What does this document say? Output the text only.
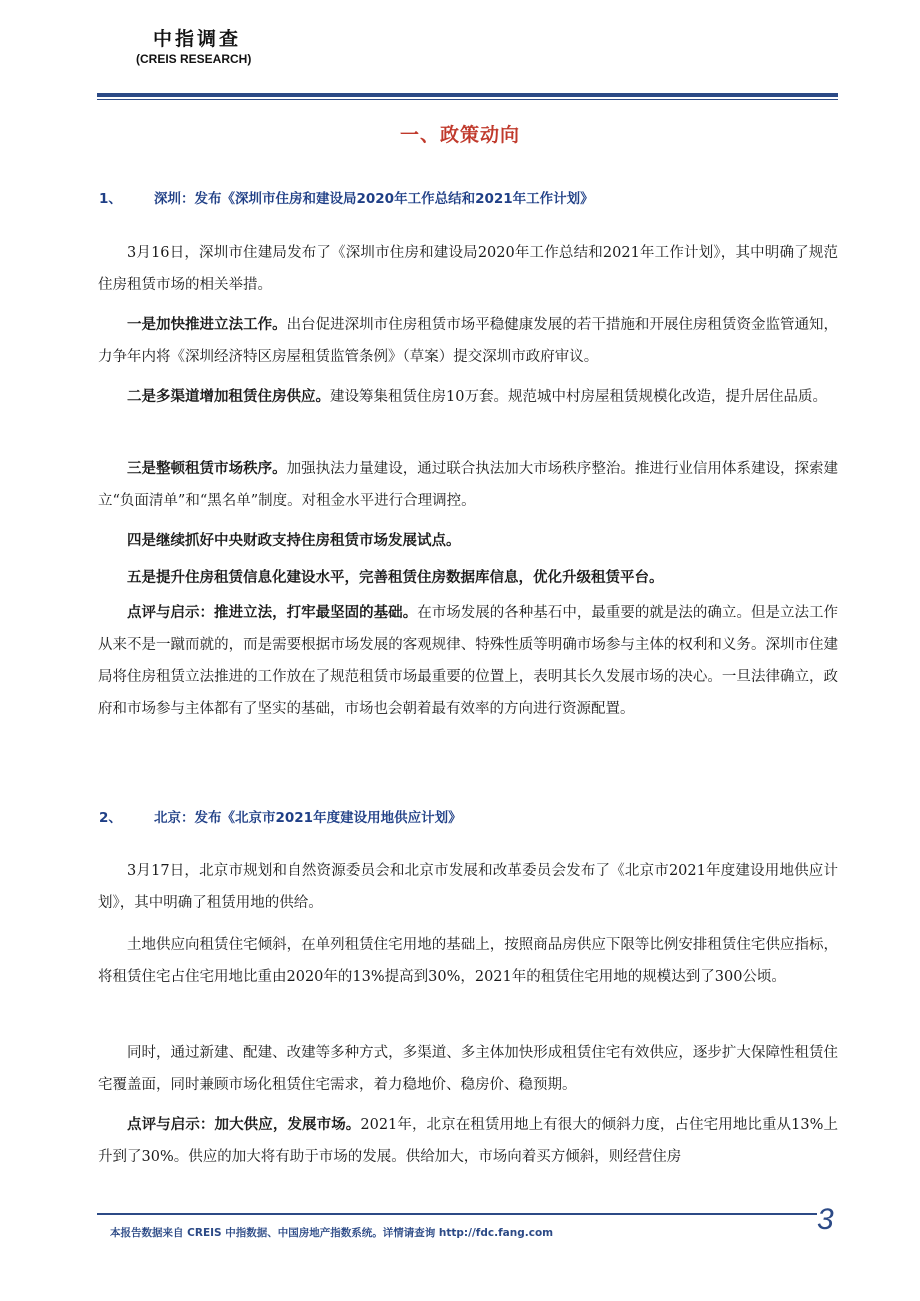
中指调查
(CREIS RESEARCH)
一、政策动向
1、 深圳：发布《深圳市住房和建设局2020年工作总结和2021年工作计划》

3月16日，深圳市住建局发布了《深圳市住房和建设局2020年工作总结和2021年工作计划》，其中明确了规范住房租赁市场的相关举措。

一是加快推进立法工作。出台促进深圳市住房租赁市场平稳健康发展的若干措施和开展住房租赁资金监管通知，力争年内将《深圳经济特区房屋租赁监管条例》（草案）提交深圳市政府审议。

二是多渠道增加租赁住房供应。建设筹集租赁住房10万套。规范城中村房屋租赁规模化改造，提升居住品质。

三是整顿租赁市场秩序。加强执法力量建设，通过联合执法加大市场秩序整治。推进行业信用体系建设，探索建立“负面清单”和“黑名单”制度。对租金水平进行合理调控。

四是继续抓好中央财政支持住房租赁市场发展试点。

五是提升住房租赁信息化建设水平，完善租赁住房数据库信息，优化升级租赁平台。

点评与启示：推进立法，打牢最坚固的基础。在市场发展的各种基石中，最重要的就是法的确立。但是立法工作从来不是一蹴而就的，而是需要根据市场发展的客观规律、特殊性质等明确市场参与主体的权利和义务。深圳市住建局将住房租赁立法推进的工作放在了规范租赁市场最重要的位置上，表明其长久发展市场的决心。一旦法律确立，政府和市场参与主体都有了坚实的基础，市场也会朝着最有效率的方向进行资源配置。

2、 北京：发布《北京市2021年度建设用地供应计划》

3月17日，北京市规划和自然资源委员会和北京市发展和改革委员会发布了《北京市2021年度建设用地供应计划》，其中明确了租赁用地的供给。

土地供应向租赁住宅倾斜，在单列租赁住宅用地的基础上，按照商品房供应下限等比例安排租赁住宅供应指标，将租赁住宅占住宅用地比重由2020年的13%提高到30%，2021年的租赁住宅用地的规模达到了300公顷。

同时，通过新建、配建、改建等多种方式，多渠道、多主体加快形成租赁住宅有效供应，逐步扩大保障性租赁住宅覆盖面，同时兼顾市场化租赁住宅需求，着力稳地价、稳房价、稳预期。

点评与启示：加大供应，发展市场。2021年，北京在租赁用地上有很大的倾斜力度，占住宅用地比重从13%上升到了30%。供应的加大将有助于市场的发展。供给加大，市场向着买方倾斜，则经营住房

本报告数据来自 CREIS 中指数据、中国房地产指数系统。详情请查询 http://fdc.fang.com	3
